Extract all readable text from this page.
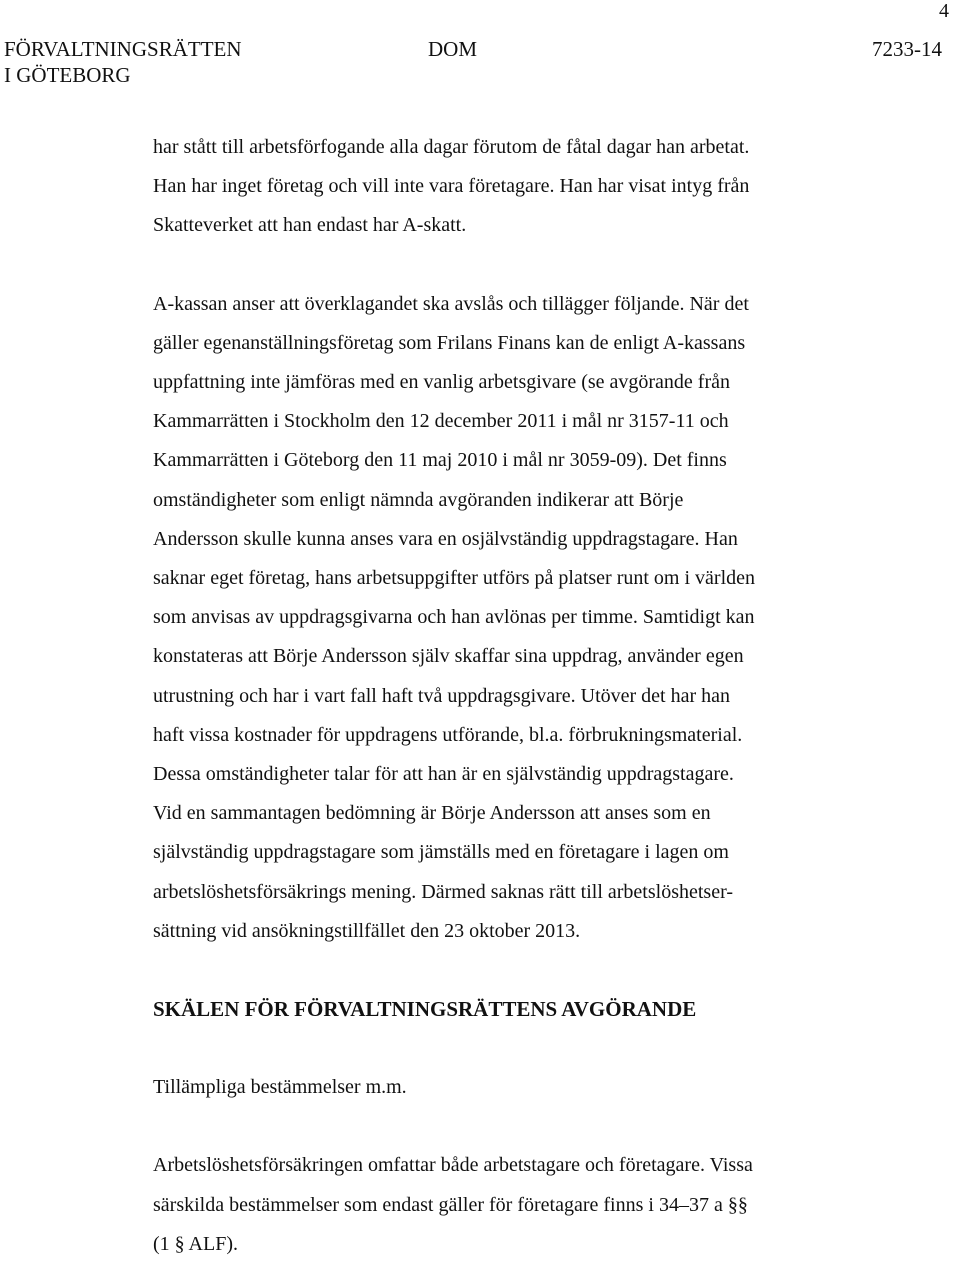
4
FÖRVALTNINGSRÄTTEN
I GÖTEBORG
DOM	7233-14

har stått till arbetsförfogande alla dagar förutom de fåtal dagar han arbetat.
Han har inget företag och vill inte vara företagare. Han har visat intyg från
Skatteverket att han endast har A-skatt.

A-kassan anser att överklagandet ska avslås och tillägger följande. När det
gäller egenanställningsföretag som Frilans Finans kan de enligt A-kassans
uppfattning inte jämföras med en vanlig arbetsgivare (se avgörande från
Kammarrätten i Stockholm den 12 december 2011 i mål nr 3157-11 och
Kammarrätten i Göteborg den 11 maj 2010 i mål nr 3059-09). Det finns
omständigheter som enligt nämnda avgöranden indikerar att Börje
Andersson skulle kunna anses vara en osjälvständig uppdragstagare. Han
saknar eget företag, hans arbetsuppgifter utförs på platser runt om i världen
som anvisas av uppdragsgivarna och han avlönas per timme. Samtidigt kan
konstateras att Börje Andersson själv skaffar sina uppdrag, använder egen
utrustning och har i vart fall haft två uppdragsgivare. Utöver det har han
haft vissa kostnader för uppdragens utförande, bl.a. förbrukningsmaterial.
Dessa omständigheter talar för att han är en självständig uppdragstagare.
Vid en sammantagen bedömning är Börje Andersson att anses som en
självständig uppdragstagare som jämställs med en företagare i lagen om
arbetslöshetsförsäkrings mening. Därmed saknas rätt till arbetslöshetser-
sättning vid ansökningstillfället den 23 oktober 2013.

SKÄLEN FÖR FÖRVALTNINGSRÄTTENS AVGÖRANDE

Tillämpliga bestämmelser m.m.

Arbetslöshetsförsäkringen omfattar både arbetstagare och företagare. Vissa
särskilda bestämmelser som endast gäller för företagare finns i 34–37 a §§
(1 § ALF).
